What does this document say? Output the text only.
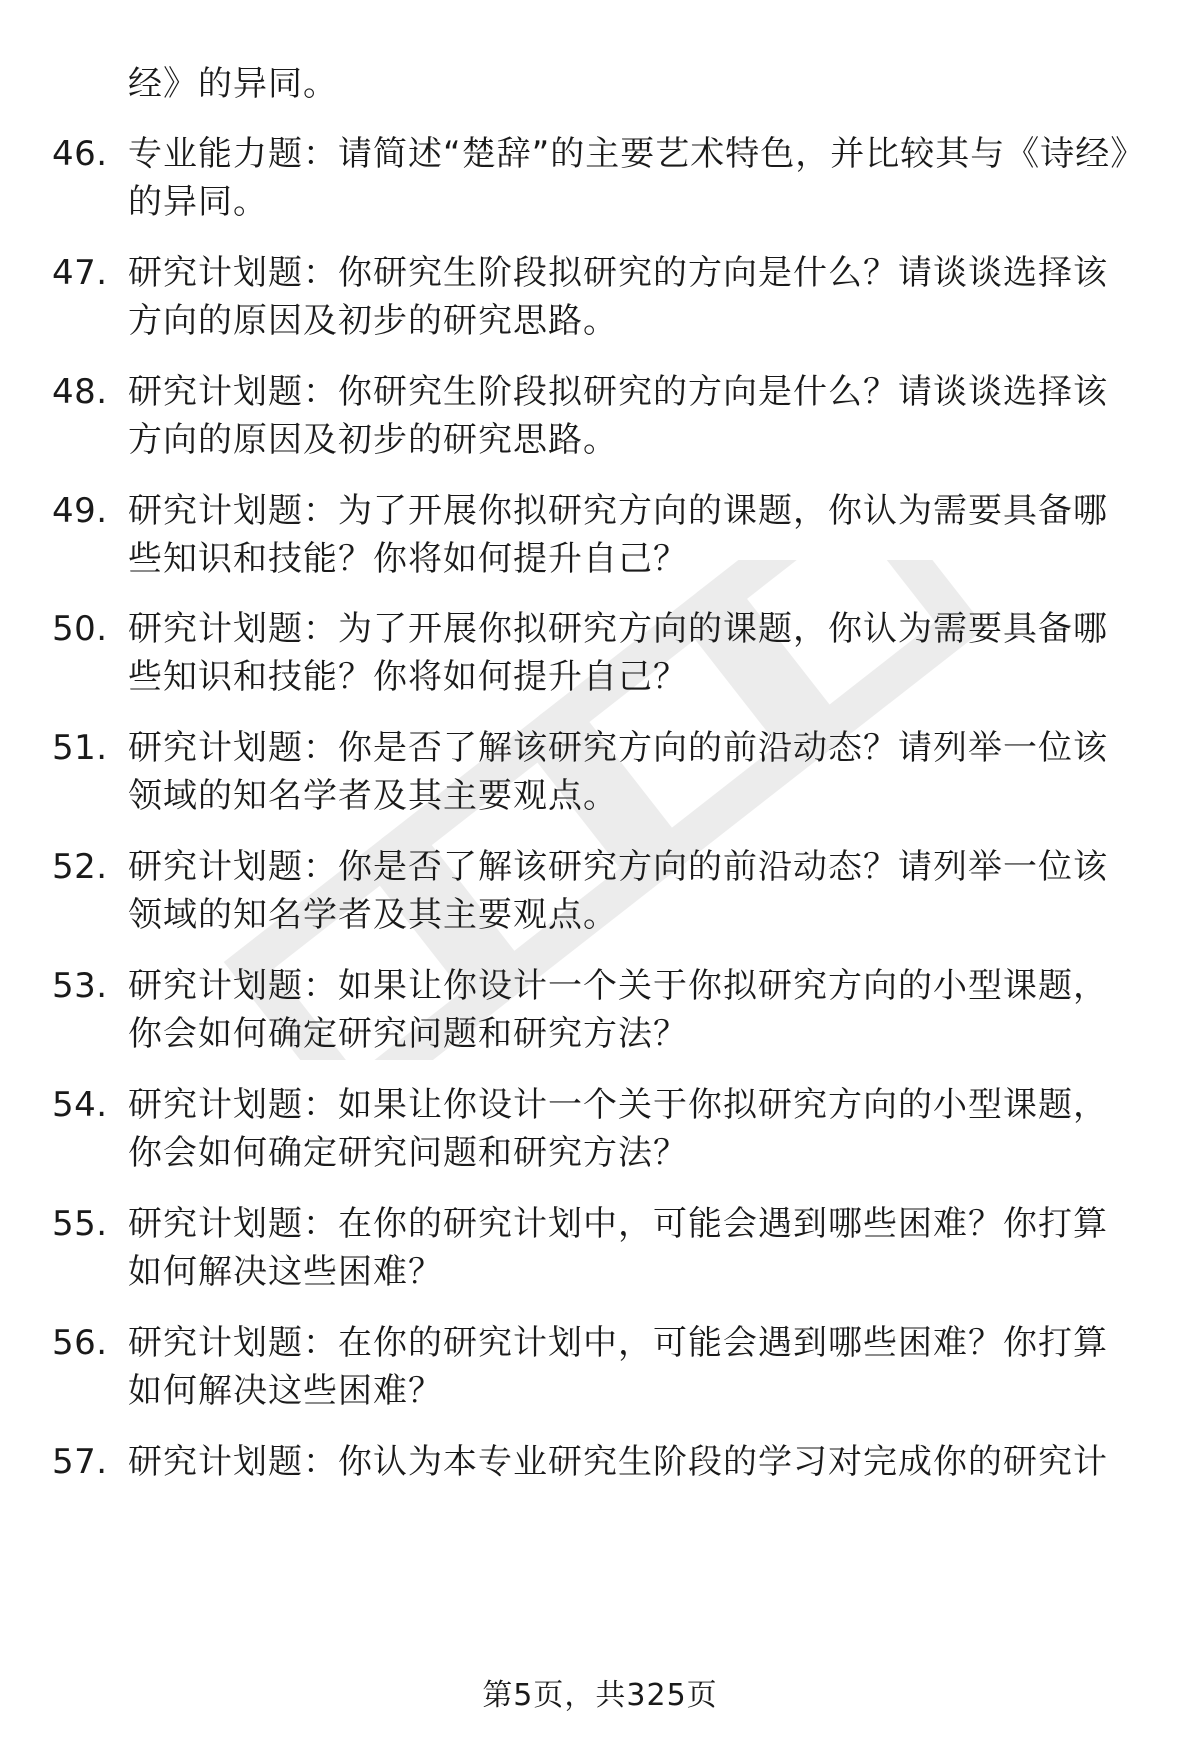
经》的异同。
46. 专业能力题：请简述“楚辞”的主要艺术特色，并比较其与《诗经》的异同。
47. 研究计划题：你研究生阶段拟研究的方向是什么？请谈谈选择该方向的原因及初步的研究思路。
48. 研究计划题：你研究生阶段拟研究的方向是什么？请谈谈选择该方向的原因及初步的研究思路。
49. 研究计划题：为了开展你拟研究方向的课题，你认为需要具备哪些知识和技能？你将如何提升自己？
50. 研究计划题：为了开展你拟研究方向的课题，你认为需要具备哪些知识和技能？你将如何提升自己？
51. 研究计划题：你是否了解该研究方向的前沿动态？请列举一位该领域的知名学者及其主要观点。
52. 研究计划题：你是否了解该研究方向的前沿动态？请列举一位该领域的知名学者及其主要观点。
53. 研究计划题：如果让你设计一个关于你拟研究方向的小型课题，你会如何确定研究问题和研究方法？
54. 研究计划题：如果让你设计一个关于你拟研究方向的小型课题，你会如何确定研究问题和研究方法？
55. 研究计划题：在你的研究计划中，可能会遇到哪些困难？你打算如何解决这些困难？
56. 研究计划题：在你的研究计划中，可能会遇到哪些困难？你打算如何解决这些困难？
57. 研究计划题：你认为本专业研究生阶段的学习对完成你的研究计
第5页，共325页
